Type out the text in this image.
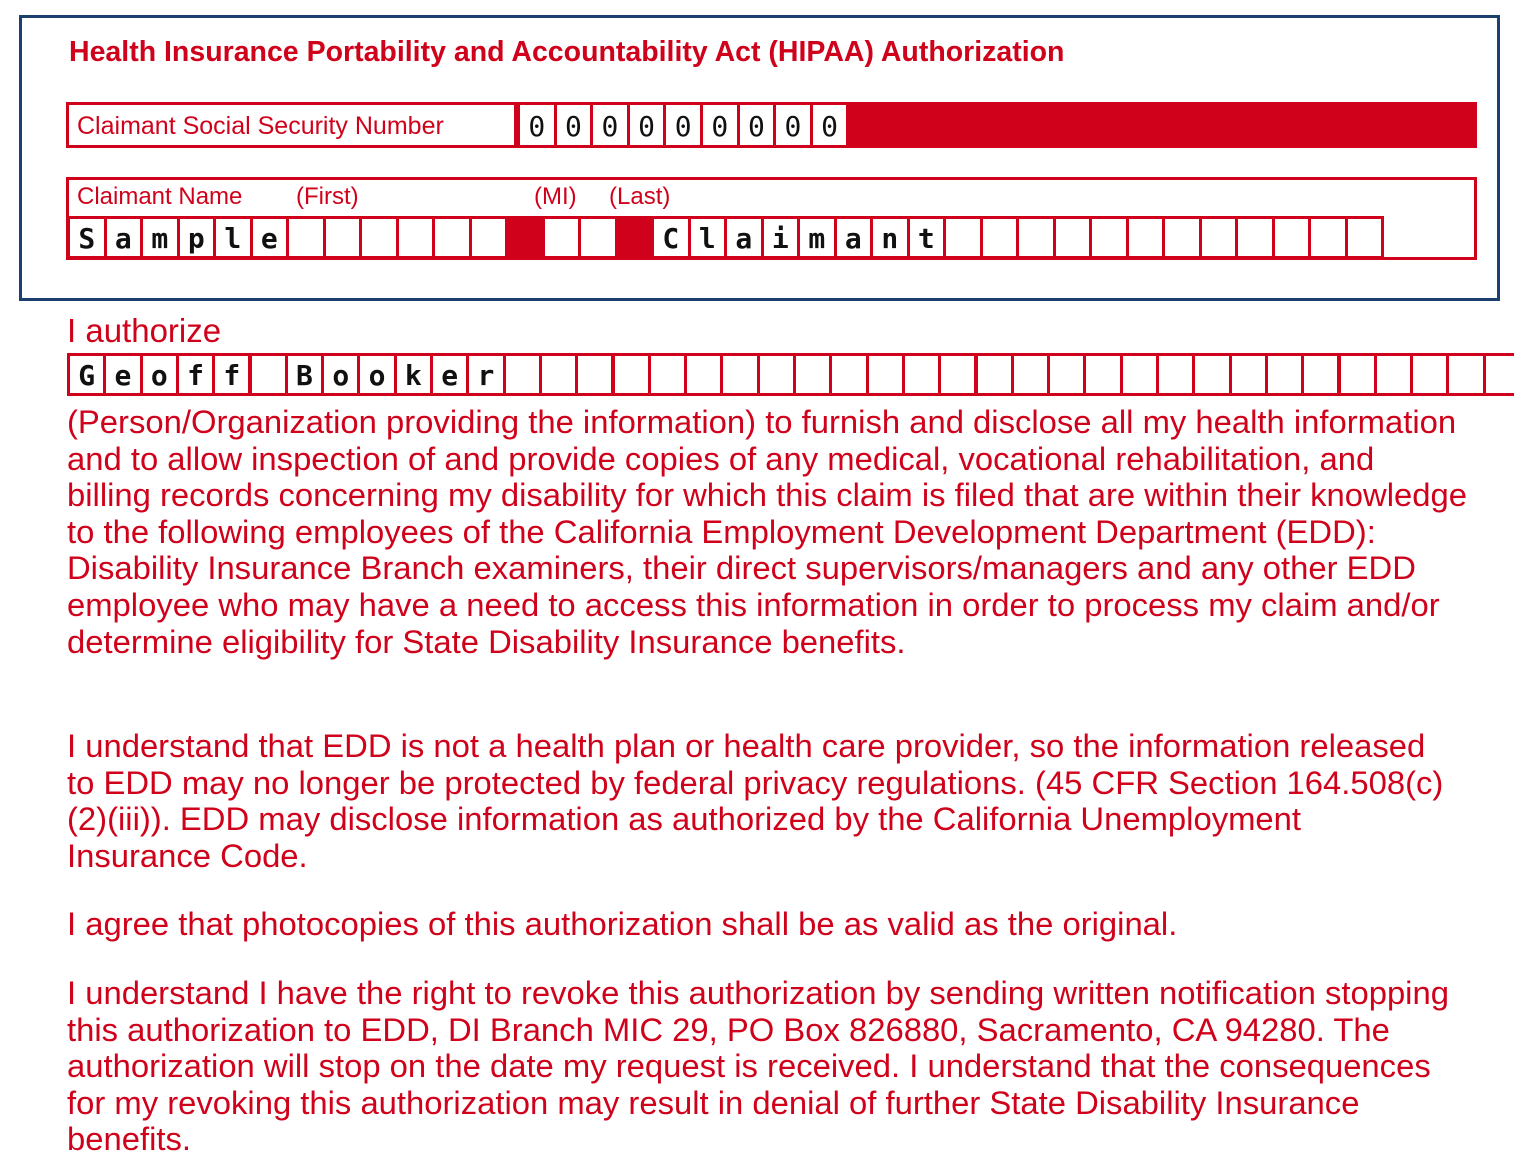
Health Insurance Portability and Accountability Act (HIPAA) Authorization
Claimant Social Security Number	0 0 0 0 0 0 0 0 0
Claimant Name (First)	(MI) (Last)
S a m p l e	C l a i m a n t
I authorize
G e o f f	B o o k e r

(Person/Organization providing the information) to furnish and disclose all my health information and to allow inspection of and provide copies of any medical, vocational rehabilitation, and billing records concerning my disability for which this claim is filed that are within their knowledge to the following employees of the California Employment Development Department (EDD): Disability Insurance Branch examiners, their direct supervisors/managers and any other EDD employee who may have a need to access this information in order to process my claim and/or determine eligibility for State Disability Insurance benefits.

I understand that EDD is not a health plan or health care provider, so the information released to EDD may no longer be protected by federal privacy regulations. (45 CFR Section 164.508(c)(2)(iii)). EDD may disclose information as authorized by the California Unemployment Insurance Code.

I agree that photocopies of this authorization shall be as valid as the original.

I understand I have the right to revoke this authorization by sending written notification stopping this authorization to EDD, DI Branch MIC 29, PO Box 826880, Sacramento, CA 94280. The authorization will stop on the date my request is received. I understand that the consequences for my revoking this authorization may result in denial of further State Disability Insurance benefits.
